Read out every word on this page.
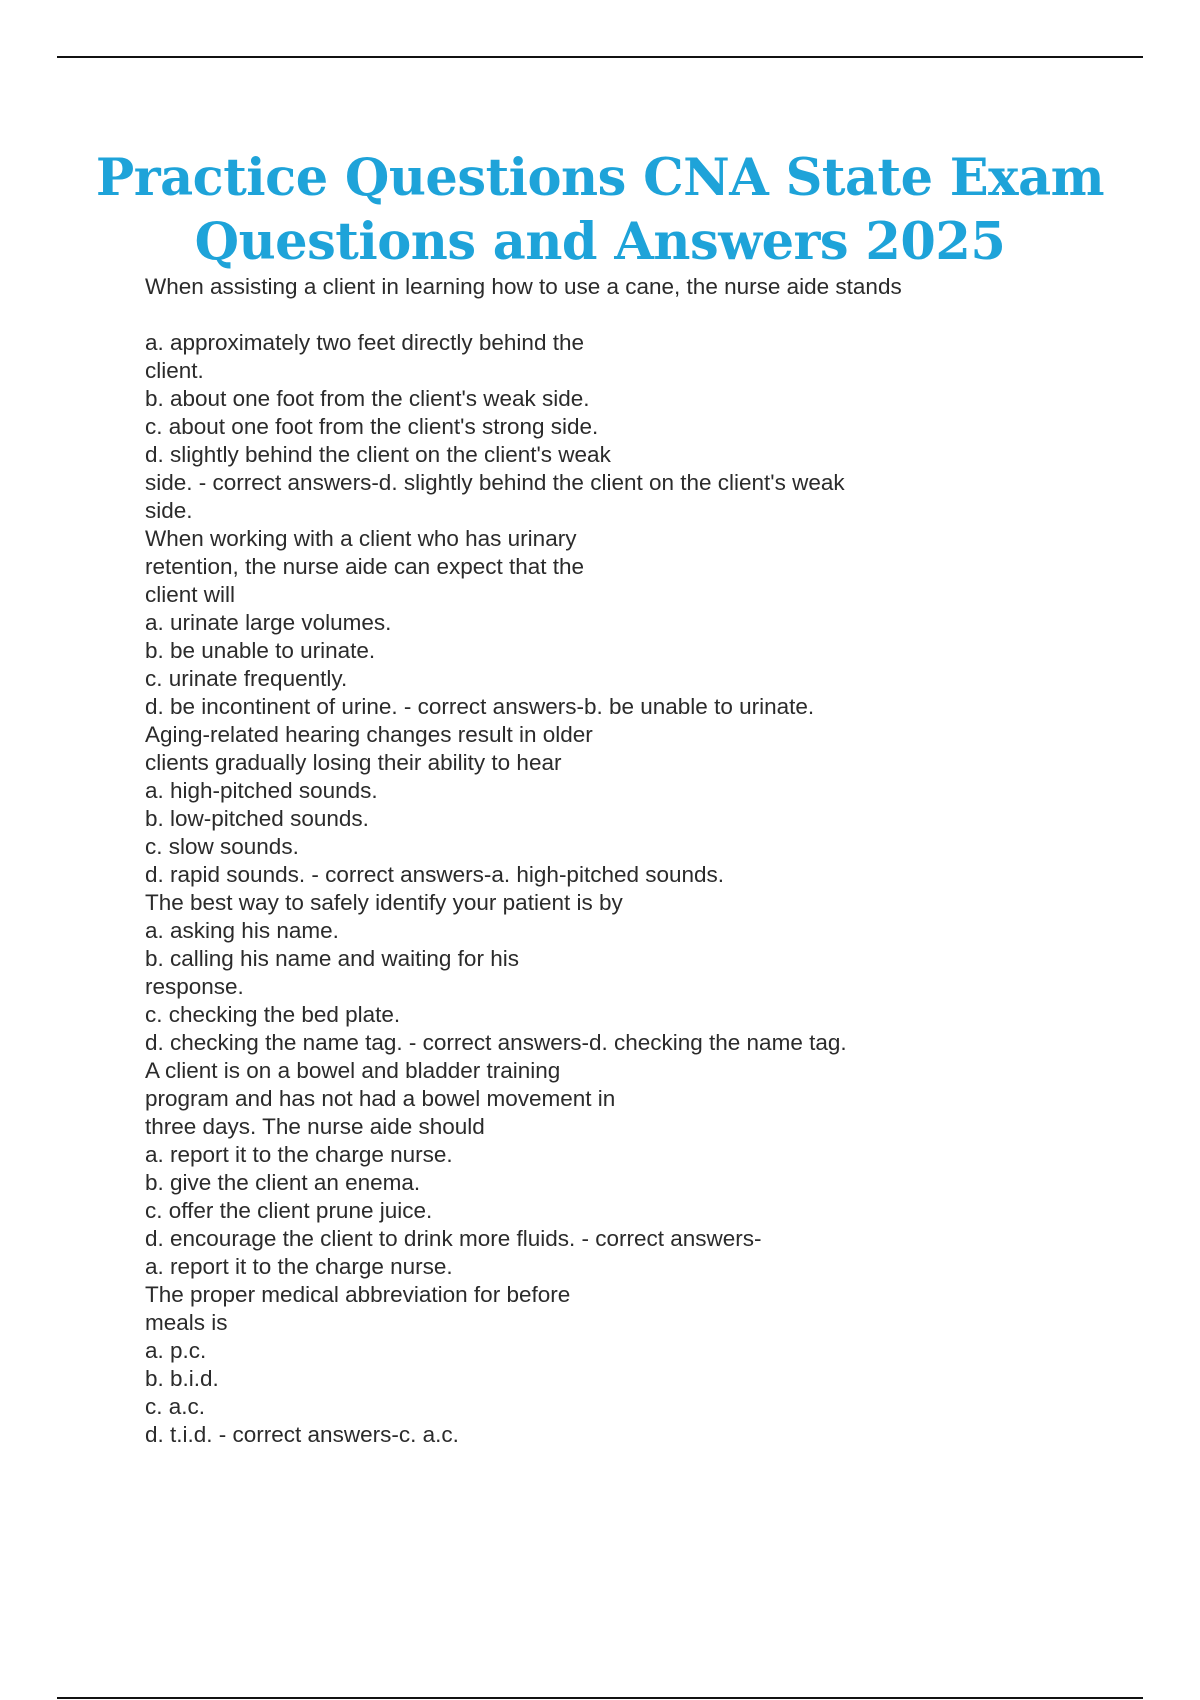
Practice Questions CNA State Exam
Questions and Answers 2025
When assisting a client in learning how to use a cane, the nurse aide stands
a. approximately two feet directly behind the
client.
b. about one foot from the client's weak side.
c. about one foot from the client's strong side.
d. slightly behind the client on the client's weak
side. - correct answers-d. slightly behind the client on the client's weak
side.
When working with a client who has urinary
retention, the nurse aide can expect that the
client will
a. urinate large volumes.
b. be unable to urinate.
c. urinate frequently.
d. be incontinent of urine. - correct answers-b. be unable to urinate.
Aging-related hearing changes result in older
clients gradually losing their ability to hear
a. high-pitched sounds.
b. low-pitched sounds.
c. slow sounds.
d. rapid sounds. - correct answers-a. high-pitched sounds.
The best way to safely identify your patient is by
a. asking his name.
b. calling his name and waiting for his
response.
c. checking the bed plate.
d. checking the name tag. - correct answers-d. checking the name tag.
A client is on a bowel and bladder training
program and has not had a bowel movement in
three days. The nurse aide should
a. report it to the charge nurse.
b. give the client an enema.
c. offer the client prune juice.
d. encourage the client to drink more fluids. - correct answers-
a. report it to the charge nurse.
The proper medical abbreviation for before
meals is
a. p.c.
b. b.i.d.
c. a.c.
d. t.i.d. - correct answers-c. a.c.
